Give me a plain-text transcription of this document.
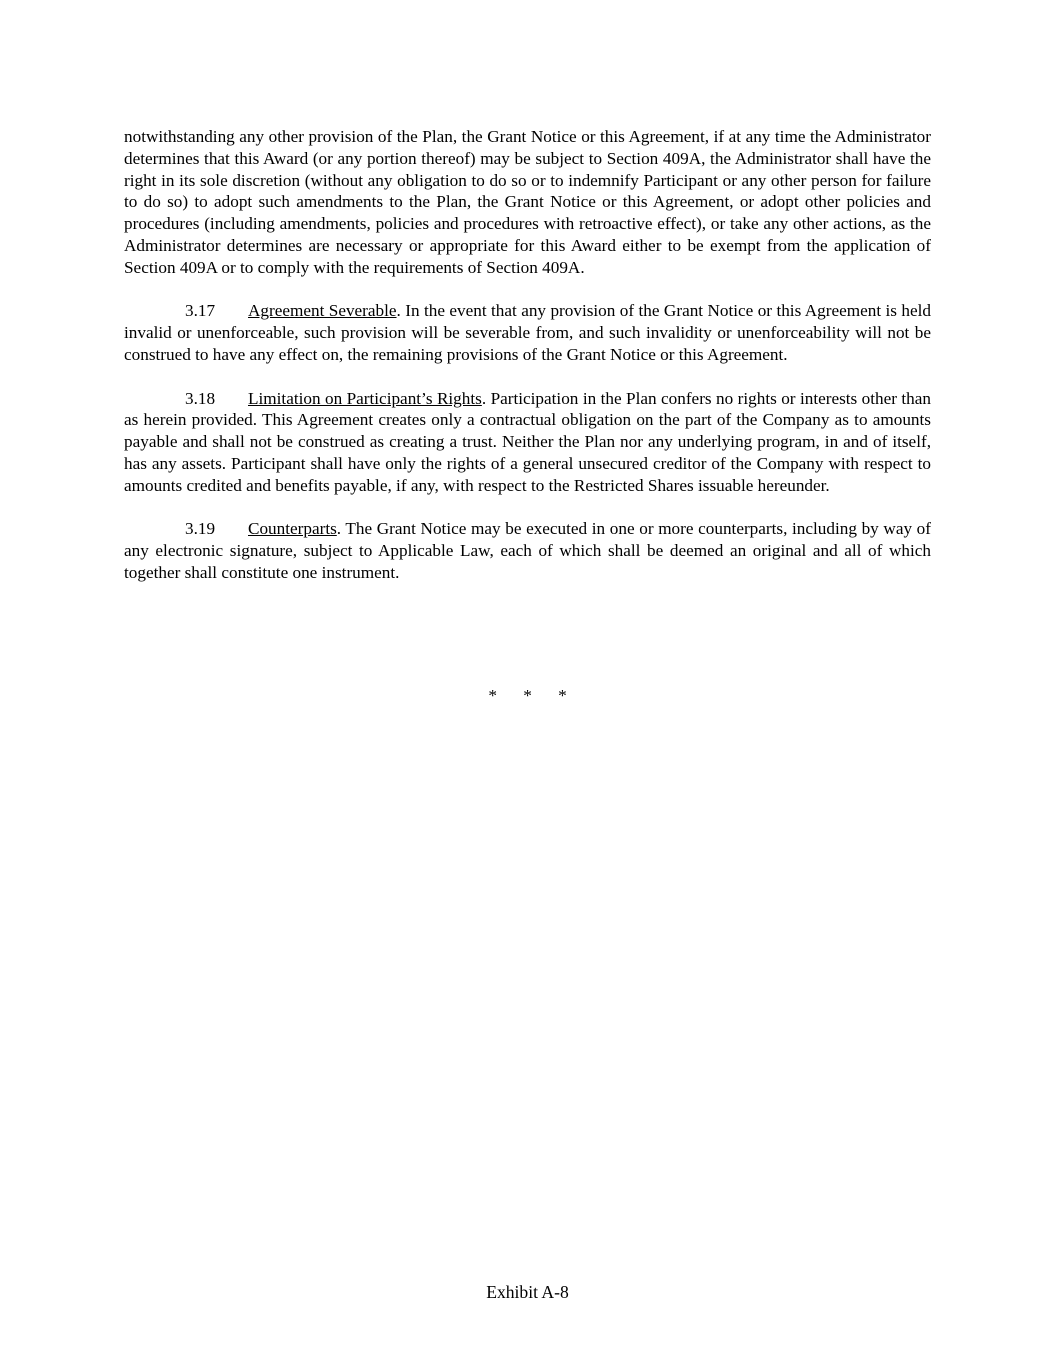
notwithstanding any other provision of the Plan, the Grant Notice or this Agreement, if at any time the Administrator determines that this Award (or any portion thereof) may be subject to Section 409A, the Administrator shall have the right in its sole discretion (without any obligation to do so or to indemnify Participant or any other person for failure to do so) to adopt such amendments to the Plan, the Grant Notice or this Agreement, or adopt other policies and procedures (including amendments, policies and procedures with retroactive effect), or take any other actions, as the Administrator determines are necessary or appropriate for this Award either to be exempt from the application of Section 409A or to comply with the requirements of Section 409A.

3.17 Agreement Severable. In the event that any provision of the Grant Notice or this Agreement is held invalid or unenforceable, such provision will be severable from, and such invalidity or unenforceability will not be construed to have any effect on, the remaining provisions of the Grant Notice or this Agreement.

3.18 Limitation on Participant’s Rights. Participation in the Plan confers no rights or interests other than as herein provided. This Agreement creates only a contractual obligation on the part of the Company as to amounts payable and shall not be construed as creating a trust. Neither the Plan nor any underlying program, in and of itself, has any assets. Participant shall have only the rights of a general unsecured creditor of the Company with respect to amounts credited and benefits payable, if any, with respect to the Restricted Shares issuable hereunder.

3.19 Counterparts. The Grant Notice may be executed in one or more counterparts, including by way of any electronic signature, subject to Applicable Law, each of which shall be deemed an original and all of which together shall constitute one instrument.

* * *
Exhibit A-8
